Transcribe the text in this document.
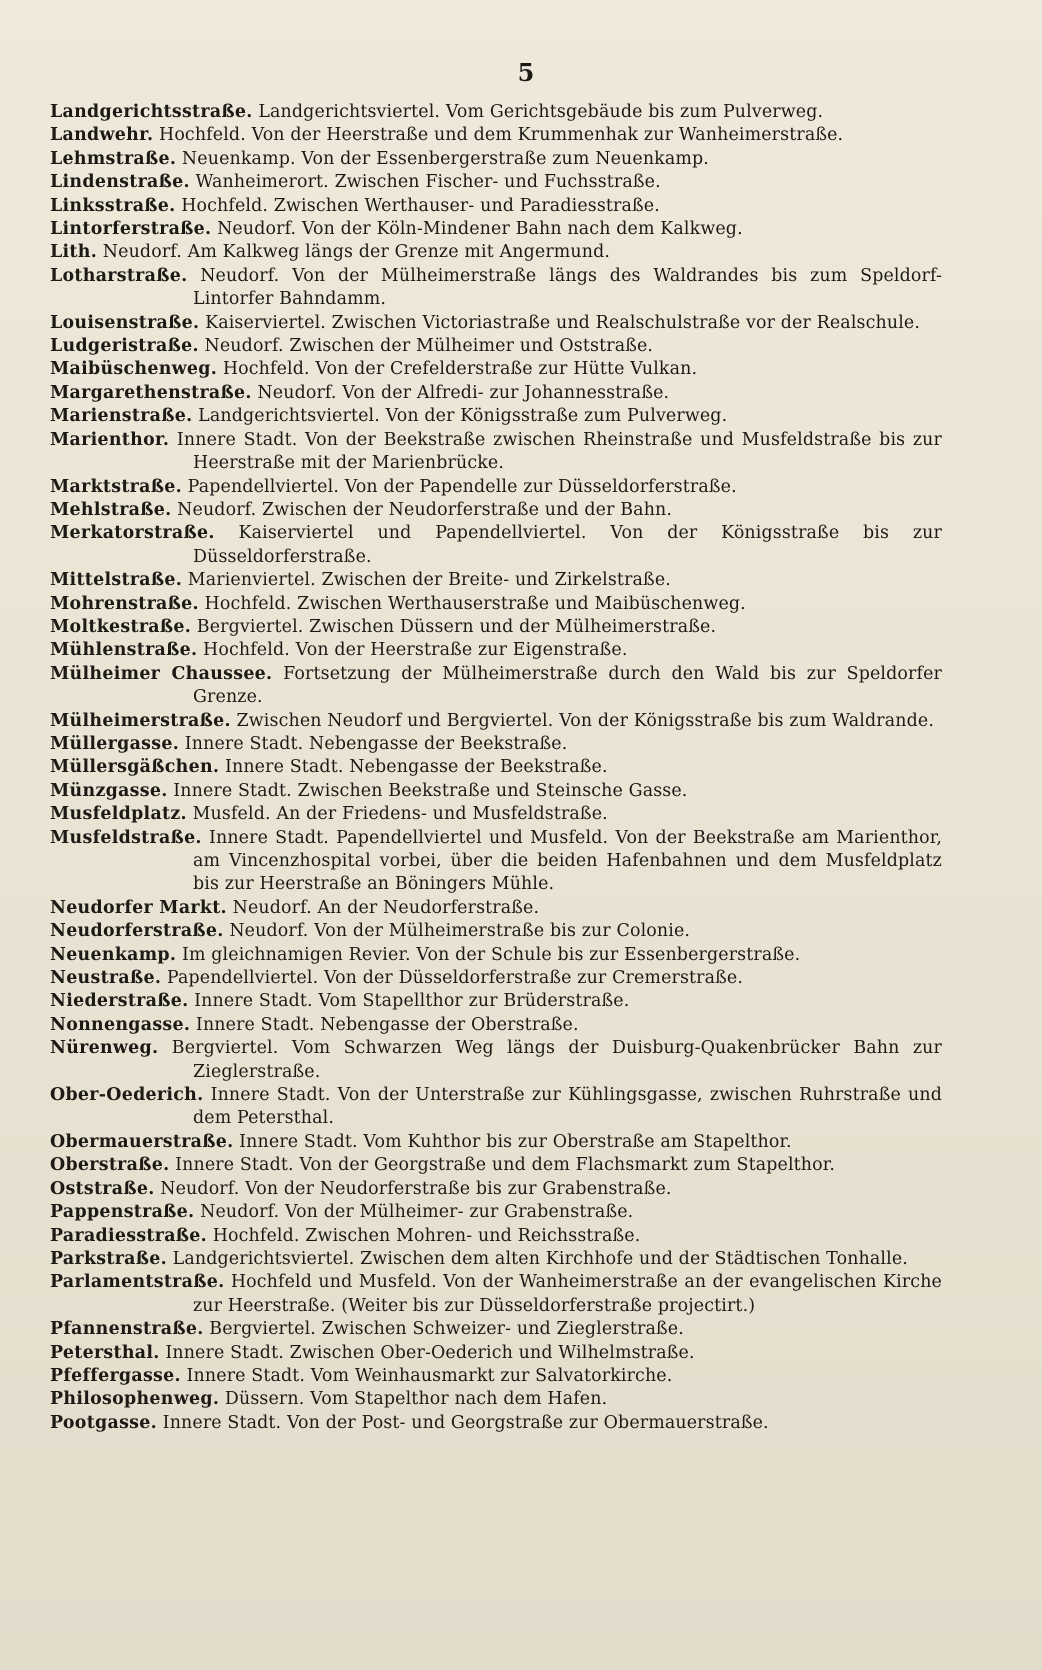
5
Landgerichtsstraße. Landgerichtsviertel. Vom Gerichtsgebäude bis zum Pulverweg.
Landwehr. Hochfeld. Von der Heerstraße und dem Krummenhak zur Wanheimerstraße.
Lehmstraße. Neuenkamp. Von der Essenbergerstraße zum Neuenkamp.
Lindenstraße. Wanheimerort. Zwischen Fischer- und Fuchsstraße.
Linksstraße. Hochfeld. Zwischen Werthauser- und Paradiesstraße.
Lintorferstraße. Neudorf. Von der Köln-Mindener Bahn nach dem Kalkweg.
Lith. Neudorf. Am Kalkweg längs der Grenze mit Angermund.
Lotharstraße. Neudorf. Von der Mülheimerstraße längs des Waldrandes bis zum Speldorf-Lintorfer Bahndamm.
Louisenstraße. Kaiserviertel. Zwischen Victoriastraße und Realschulstraße vor der Realschule.
Ludgeristraße. Neudorf. Zwischen der Mülheimer und Oststraße.
Maibüschenweg. Hochfeld. Von der Crefelderstraße zur Hütte Vulkan.
Margarethenstraße. Neudorf. Von der Alfredi- zur Johannesstraße.
Marienstraße. Landgerichtsviertel. Von der Königsstraße zum Pulverweg.
Marienthor. Innere Stadt. Von der Beekstraße zwischen Rheinstraße und Musfeldstraße bis zur Heerstraße mit der Marienbrücke.
Marktstraße. Papendellviertel. Von der Papendelle zur Düsseldorferstraße.
Mehlstraße. Neudorf. Zwischen der Neudorferstraße und der Bahn.
Merkatorstraße. Kaiserviertel und Papendellviertel. Von der Königsstraße bis zur Düsseldorferstraße.
Mittelstraße. Marienviertel. Zwischen der Breite- und Zirkelstraße.
Mohrenstraße. Hochfeld. Zwischen Werthauserstraße und Maibüschenweg.
Moltkestraße. Bergviertel. Zwischen Düssern und der Mülheimerstraße.
Mühlenstraße. Hochfeld. Von der Heerstraße zur Eigenstraße.
Mülheimer Chaussee. Fortsetzung der Mülheimerstraße durch den Wald bis zur Speldorfer Grenze.
Mülheimerstraße. Zwischen Neudorf und Bergviertel. Von der Königsstraße bis zum Waldrande.
Müllergasse. Innere Stadt. Nebengasse der Beekstraße.
Müllersgäßchen. Innere Stadt. Nebengasse der Beekstraße.
Münzgasse. Innere Stadt. Zwischen Beekstraße und Steinsche Gasse.
Musfeldplatz. Musfeld. An der Friedens- und Musfeldstraße.
Musfeldstraße. Innere Stadt. Papendellviertel und Musfeld. Von der Beekstraße am Marienthor, am Vincenzhospital vorbei, über die beiden Hafenbahnen und dem Musfeldplatz bis zur Heerstraße an Böningers Mühle.
Neudorfer Markt. Neudorf. An der Neudorferstraße.
Neudorferstraße. Neudorf. Von der Mülheimerstraße bis zur Colonie.
Neuenkamp. Im gleichnamigen Revier. Von der Schule bis zur Essenbergerstraße.
Neustraße. Papendellviertel. Von der Düsseldorferstraße zur Cremerstraße.
Niederstraße. Innere Stadt. Vom Stapellthor zur Brüderstraße.
Nonnengasse. Innere Stadt. Nebengasse der Oberstraße.
Nürenweg. Bergviertel. Vom Schwarzen Weg längs der Duisburg-Quakenbrücker Bahn zur Zieglerstraße.
Ober-Oederich. Innere Stadt. Von der Unterstraße zur Kühlingsgasse, zwischen Ruhrstraße und dem Petersthal.
Obermauerstraße. Innere Stadt. Vom Kuhthor bis zur Oberstraße am Stapelthor.
Oberstraße. Innere Stadt. Von der Georgstraße und dem Flachsmarkt zum Stapelthor.
Oststraße. Neudorf. Von der Neudorferstraße bis zur Grabenstraße.
Pappenstraße. Neudorf. Von der Mülheimer- zur Grabenstraße.
Paradiesstraße. Hochfeld. Zwischen Mohren- und Reichsstraße.
Parkstraße. Landgerichtsviertel. Zwischen dem alten Kirchhofe und der Städtischen Tonhalle.
Parlamentstraße. Hochfeld und Musfeld. Von der Wanheimerstraße an der evangelischen Kirche zur Heerstraße. (Weiter bis zur Düsseldorferstraße projectirt.)
Pfannenstraße. Bergviertel. Zwischen Schweizer- und Zieglerstraße.
Petersthal. Innere Stadt. Zwischen Ober-Oederich und Wilhelmstraße.
Pfeffergasse. Innere Stadt. Vom Weinhausmarkt zur Salvatorkirche.
Philosophenweg. Düssern. Vom Stapelthor nach dem Hafen.
Pootgasse. Innere Stadt. Von der Post- und Georgstraße zur Obermauerstraße.
